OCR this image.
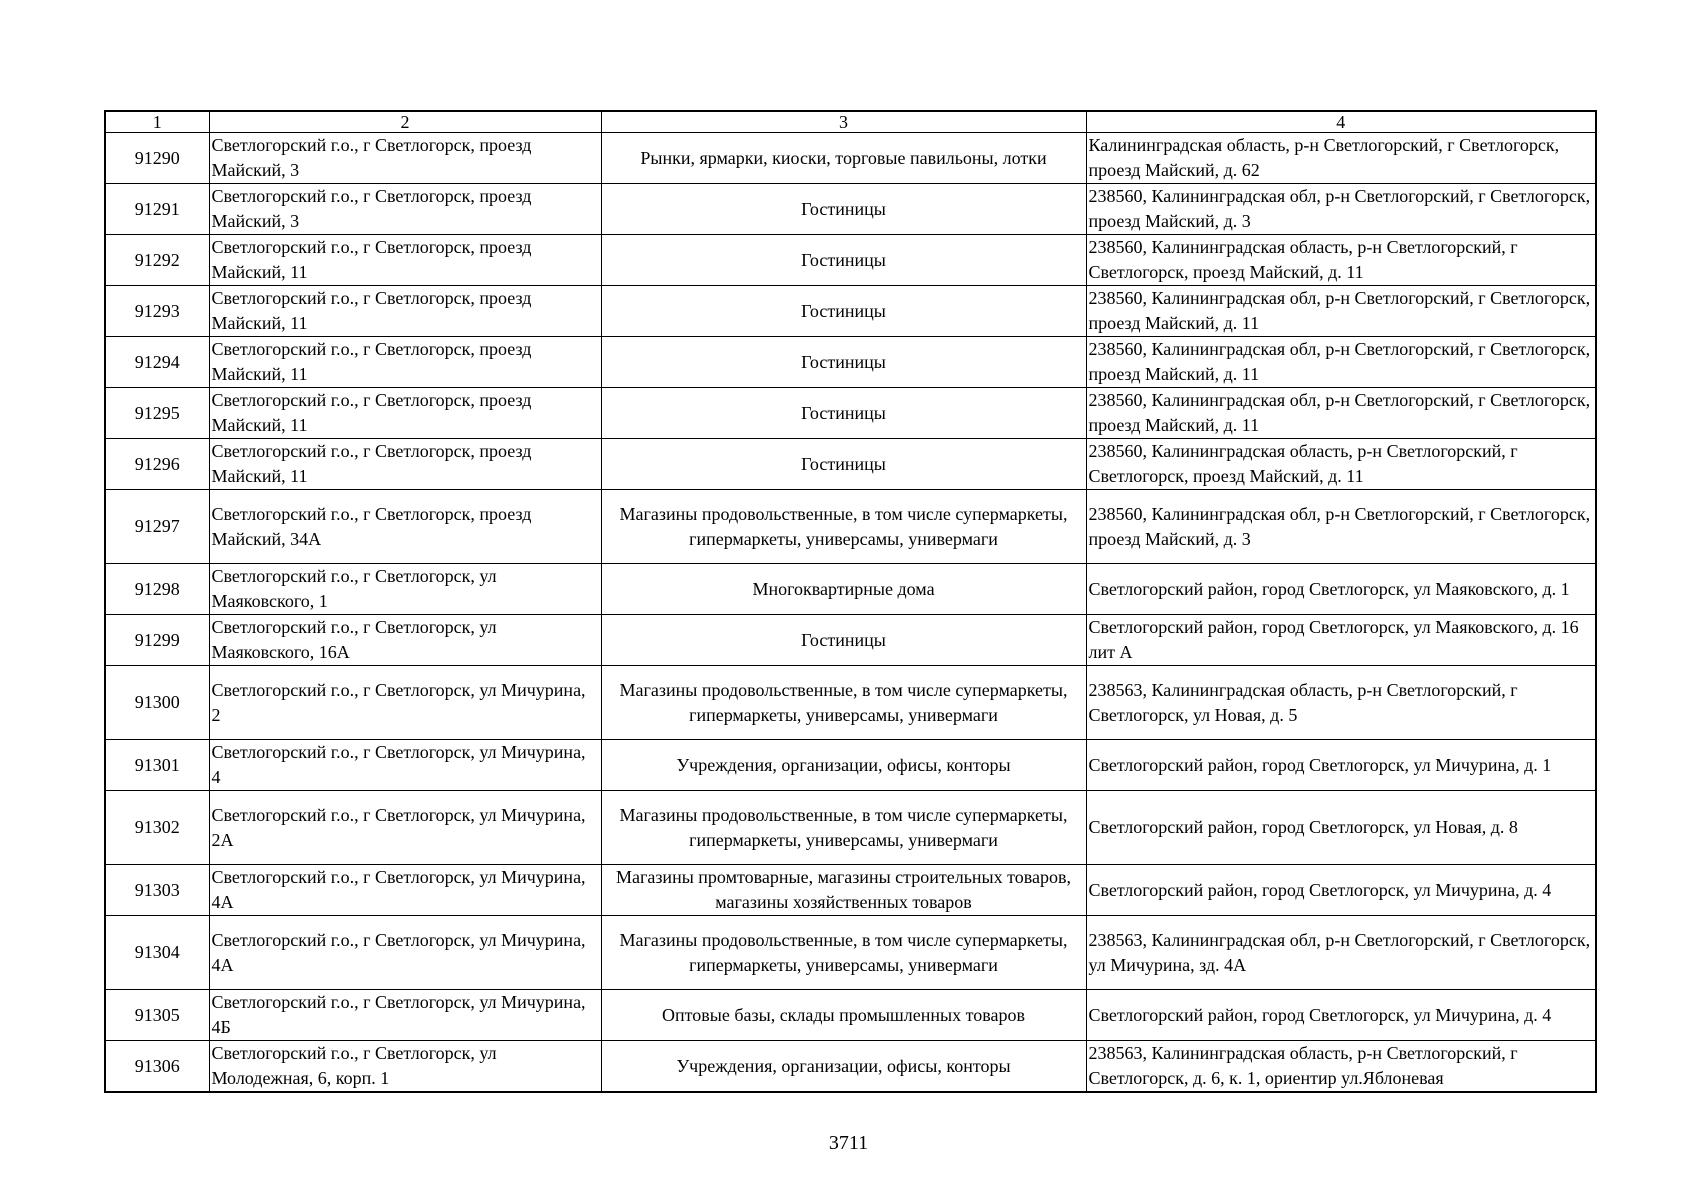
1	2	3	4
91290	Светлогорский г.о., г Светлогорск, проезд Майский, 3	Рынки, ярмарки, киоски, торговые павильоны, лотки	Калининградская область, р-н Светлогорский, г Светлогорск, проезд Майский, д. 62
91291	Светлогорский г.о., г Светлогорск, проезд Майский, 3	Гостиницы	238560, Калининградская обл, р-н Светлогорский, г Светлогорск, проезд Майский, д. 3
91292	Светлогорский г.о., г Светлогорск, проезд Майский, 11	Гостиницы	238560, Калининградская область, р-н Светлогорский, г Светлогорск, проезд Майский, д. 11
91293	Светлогорский г.о., г Светлогорск, проезд Майский, 11	Гостиницы	238560, Калининградская обл, р-н Светлогорский, г Светлогорск, проезд Майский, д. 11
91294	Светлогорский г.о., г Светлогорск, проезд Майский, 11	Гостиницы	238560, Калининградская обл, р-н Светлогорский, г Светлогорск, проезд Майский, д. 11
91295	Светлогорский г.о., г Светлогорск, проезд Майский, 11	Гостиницы	238560, Калининградская обл, р-н Светлогорский, г Светлогорск, проезд Майский, д. 11
91296	Светлогорский г.о., г Светлогорск, проезд Майский, 11	Гостиницы	238560, Калининградская область, р-н Светлогорский, г Светлогорск, проезд Майский, д. 11
91297	Светлогорский г.о., г Светлогорск, проезд Майский, 34А	Магазины продовольственные, в том числе супермаркеты, гипермаркеты, универсамы, универмаги	238560, Калининградская обл, р-н Светлогорский, г Светлогорск, проезд Майский, д. 3
91298	Светлогорский г.о., г Светлогорск, ул Маяковского, 1	Многоквартирные дома	Светлогорский район, город Светлогорск, ул Маяковского, д. 1
91299	Светлогорский г.о., г Светлогорск, ул Маяковского, 16А	Гостиницы	Светлогорский район, город Светлогорск, ул Маяковского, д. 16 лит А
91300	Светлогорский г.о., г Светлогорск, ул Мичурина, 2	Магазины продовольственные, в том числе супермаркеты, гипермаркеты, универсамы, универмаги	238563, Калининградская область, р-н Светлогорский, г Светлогорск, ул Новая, д. 5
91301	Светлогорский г.о., г Светлогорск, ул Мичурина, 4	Учреждения, организации, офисы, конторы	Светлогорский район, город Светлогорск, ул Мичурина, д. 1
91302	Светлогорский г.о., г Светлогорск, ул Мичурина, 2А	Магазины продовольственные, в том числе супермаркеты, гипермаркеты, универсамы, универмаги	Светлогорский район, город Светлогорск, ул Новая, д. 8
91303	Светлогорский г.о., г Светлогорск, ул Мичурина, 4А	Магазины промтоварные, магазины строительных товаров, магазины хозяйственных товаров	Светлогорский район, город Светлогорск, ул Мичурина, д. 4
91304	Светлогорский г.о., г Светлогорск, ул Мичурина, 4А	Магазины продовольственные, в том числе супермаркеты, гипермаркеты, универсамы, универмаги	238563, Калининградская обл, р-н Светлогорский, г Светлогорск, ул Мичурина, зд. 4А
91305	Светлогорский г.о., г Светлогорск, ул Мичурина, 4Б	Оптовые базы, склады промышленных товаров	Светлогорский район, город Светлогорск, ул Мичурина, д. 4
91306	Светлогорский г.о., г Светлогорск, ул Молодежная, 6, корп. 1	Учреждения, организации, офисы, конторы	238563, Калининградская область, р-н Светлогорский, г Светлогорск, д. 6, к. 1, ориентир ул.Яблоневая
3711
